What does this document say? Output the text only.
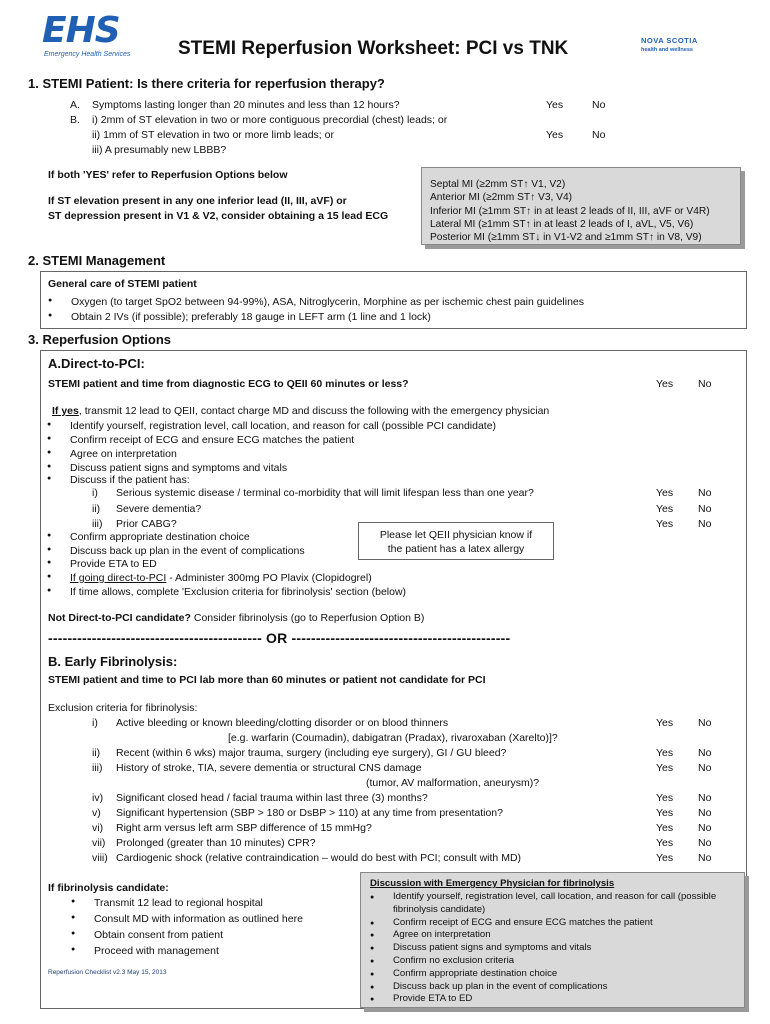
EHS
Emergency Health Services	STEMI Reperfusion Worksheet: PCI vs TNK	NOVA SCOTIA
health and wellness
1. STEMI Patient: Is there criteria for reperfusion therapy?
A. Symptoms lasting longer than 20 minutes and less than 12 hours?	Yes	No
B. i) 2mm of ST elevation in two or more contiguous precordial (chest) leads; or
ii) 1mm of ST elevation in two or more limb leads; or	Yes	No
iii) A presumably new LBBB?
If both 'YES' refer to Reperfusion Options below
If ST elevation present in any one inferior lead (II, III, aVF) or
ST depression present in V1 & V2, consider obtaining a 15 lead ECG
Septal MI (≥2mm ST↑ V1, V2)
Anterior MI (≥2mm ST↑ V3, V4)
Inferior MI (≥1mm ST↑ in at least 2 leads of II, III, aVF or V4R)
Lateral MI (≥1mm ST↑ in at least 2 leads of I, aVL, V5, V6)
Posterior MI (≥1mm ST↓ in V1-V2 and ≥1mm ST↑ in V8, V9)
2. STEMI Management
General care of STEMI patient
● Oxygen (to target SpO2 between 94-99%), ASA, Nitroglycerin, Morphine as per ischemic chest pain guidelines
● Obtain 2 IVs (if possible); preferably 18 gauge in LEFT arm (1 line and 1 lock)
3. Reperfusion Options
A.Direct-to-PCI:
STEMI patient and time from diagnostic ECG to QEII 60 minutes or less?	Yes No
If yes, transmit 12 lead to QEII, contact charge MD and discuss the following with the emergency physician
● Identify yourself, registration level, call location, and reason for call (possible PCI candidate)
● Confirm receipt of ECG and ensure ECG matches the patient
● Agree on interpretation
● Discuss patient signs and symptoms and vitals
● Discuss if the patient has:
i) Serious systemic disease / terminal co-morbidity that will limit lifespan less than one year?	Yes No
ii) Severe dementia?	Yes No
iii) Prior CABG?	Yes No
● Confirm appropriate destination choice
● Discuss back up plan in the event of complications
● Provide ETA to ED
● If going direct-to-PCI - Administer 300mg PO Plavix (Clopidogrel)
● If time allows, complete 'Exclusion criteria for fibrinolysis' section (below)
Please let QEII physician know if
the patient has a latex allergy
Not Direct-to-PCI candidate? Consider fibrinolysis (go to Reperfusion Option B)
-------------------------------------------- OR ---------------------------------------------
B. Early Fibrinolysis:
STEMI patient and time to PCI lab more than 60 minutes or patient not candidate for PCI
Exclusion criteria for fibrinolysis:
i) Active bleeding or known bleeding/clotting disorder or on blood thinners	Yes No
[e.g. warfarin (Coumadin), dabigatran (Pradax), rivaroxaban (Xarelto)]?
ii) Recent (within 6 wks) major trauma, surgery (including eye surgery), GI / GU bleed?	Yes No
iii) History of stroke, TIA, severe dementia or structural CNS damage	Yes No
(tumor, AV malformation, aneurysm)?
iv) Significant closed head / facial trauma within last three (3) months?	Yes No
v) Significant hypertension (SBP > 180 or DsBP > 110) at any time from presentation?	Yes No
vi) Right arm versus left arm SBP difference of 15 mmHg?	Yes No
vii) Prolonged (greater than 10 minutes) CPR?	Yes No
viii) Cardiogenic shock (relative contraindication – would do best with PCI; consult with MD)	Yes No
If fibrinolysis candidate:
● Transmit 12 lead to regional hospital
● Consult MD with information as outlined here
● Obtain consent from patient
● Proceed with management
Discussion with Emergency Physician for fibrinolysis
● Identify yourself, registration level, call location, and reason for call (possible fibrinolysis candidate)
● Confirm receipt of ECG and ensure ECG matches the patient
● Agree on interpretation
● Discuss patient signs and symptoms and vitals
● Confirm no exclusion criteria
● Confirm appropriate destination choice
● Discuss back up plan in the event of complications
● Provide ETA to ED
Reperfusion Checklist v2.3 May 15, 2013
